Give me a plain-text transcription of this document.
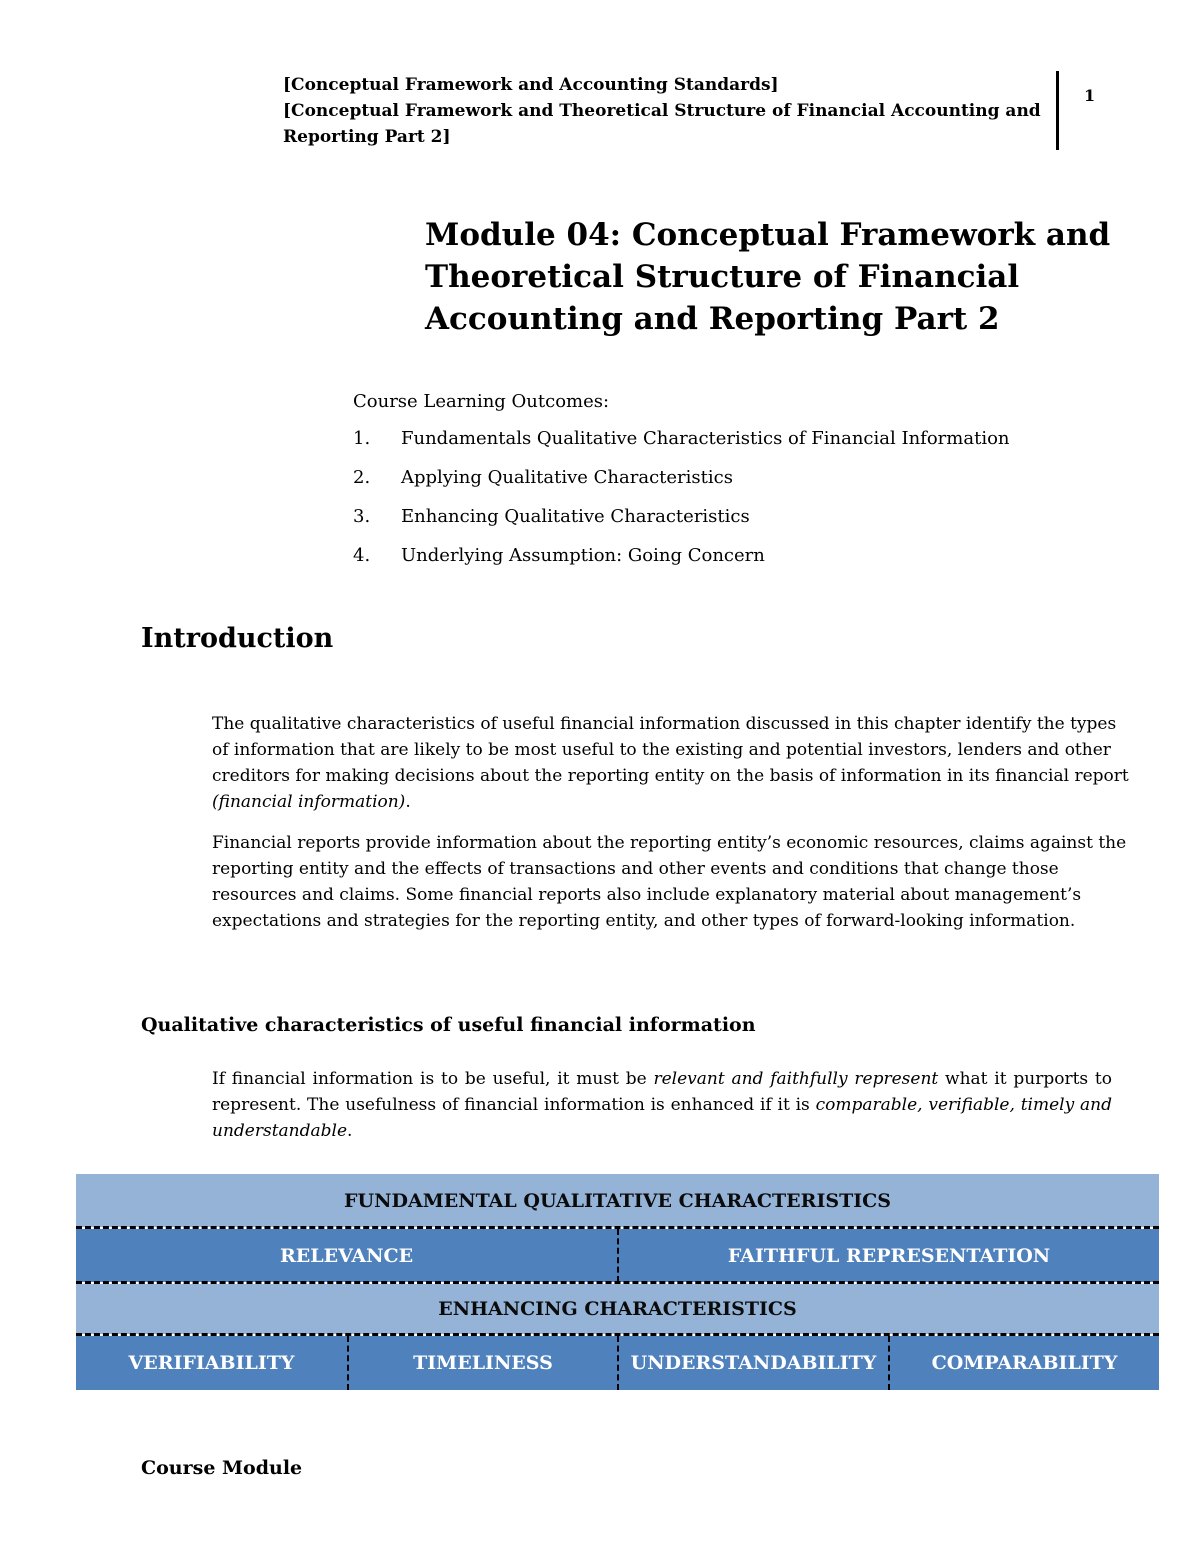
[Conceptual Framework and Accounting Standards]
[Conceptual Framework and Theoretical Structure of Financial Accounting and Reporting Part 2]
1
Module 04: Conceptual Framework and Theoretical Structure of Financial Accounting and Reporting Part 2
Course Learning Outcomes:
1.	Fundamentals Qualitative Characteristics of Financial Information
2.	Applying Qualitative Characteristics
3.	Enhancing Qualitative Characteristics
4.	Underlying Assumption: Going Concern
Introduction

The qualitative characteristics of useful financial information discussed in this chapter identify the types of information that are likely to be most useful to the existing and potential investors, lenders and other creditors for making decisions about the reporting entity on the basis of information in its financial report (financial information).

Financial reports provide information about the reporting entity’s economic resources, claims against the reporting entity and the effects of transactions and other events and conditions that change those resources and claims. Some financial reports also include explanatory material about management’s expectations and strategies for the reporting entity, and other types of forward-looking information.

Qualitative characteristics of useful financial information

If financial information is to be useful, it must be relevant and faithfully represent what it purports to represent. The usefulness of financial information is enhanced if it is comparable, verifiable, timely and understandable.

FUNDAMENTAL QUALITATIVE CHARACTERISTICS
RELEVANCE	FAITHFUL REPRESENTATION
ENHANCING CHARACTERISTICS
VERIFIABILITY	TIMELINESS	UNDERSTANDABILITY	COMPARABILITY
Course Module
